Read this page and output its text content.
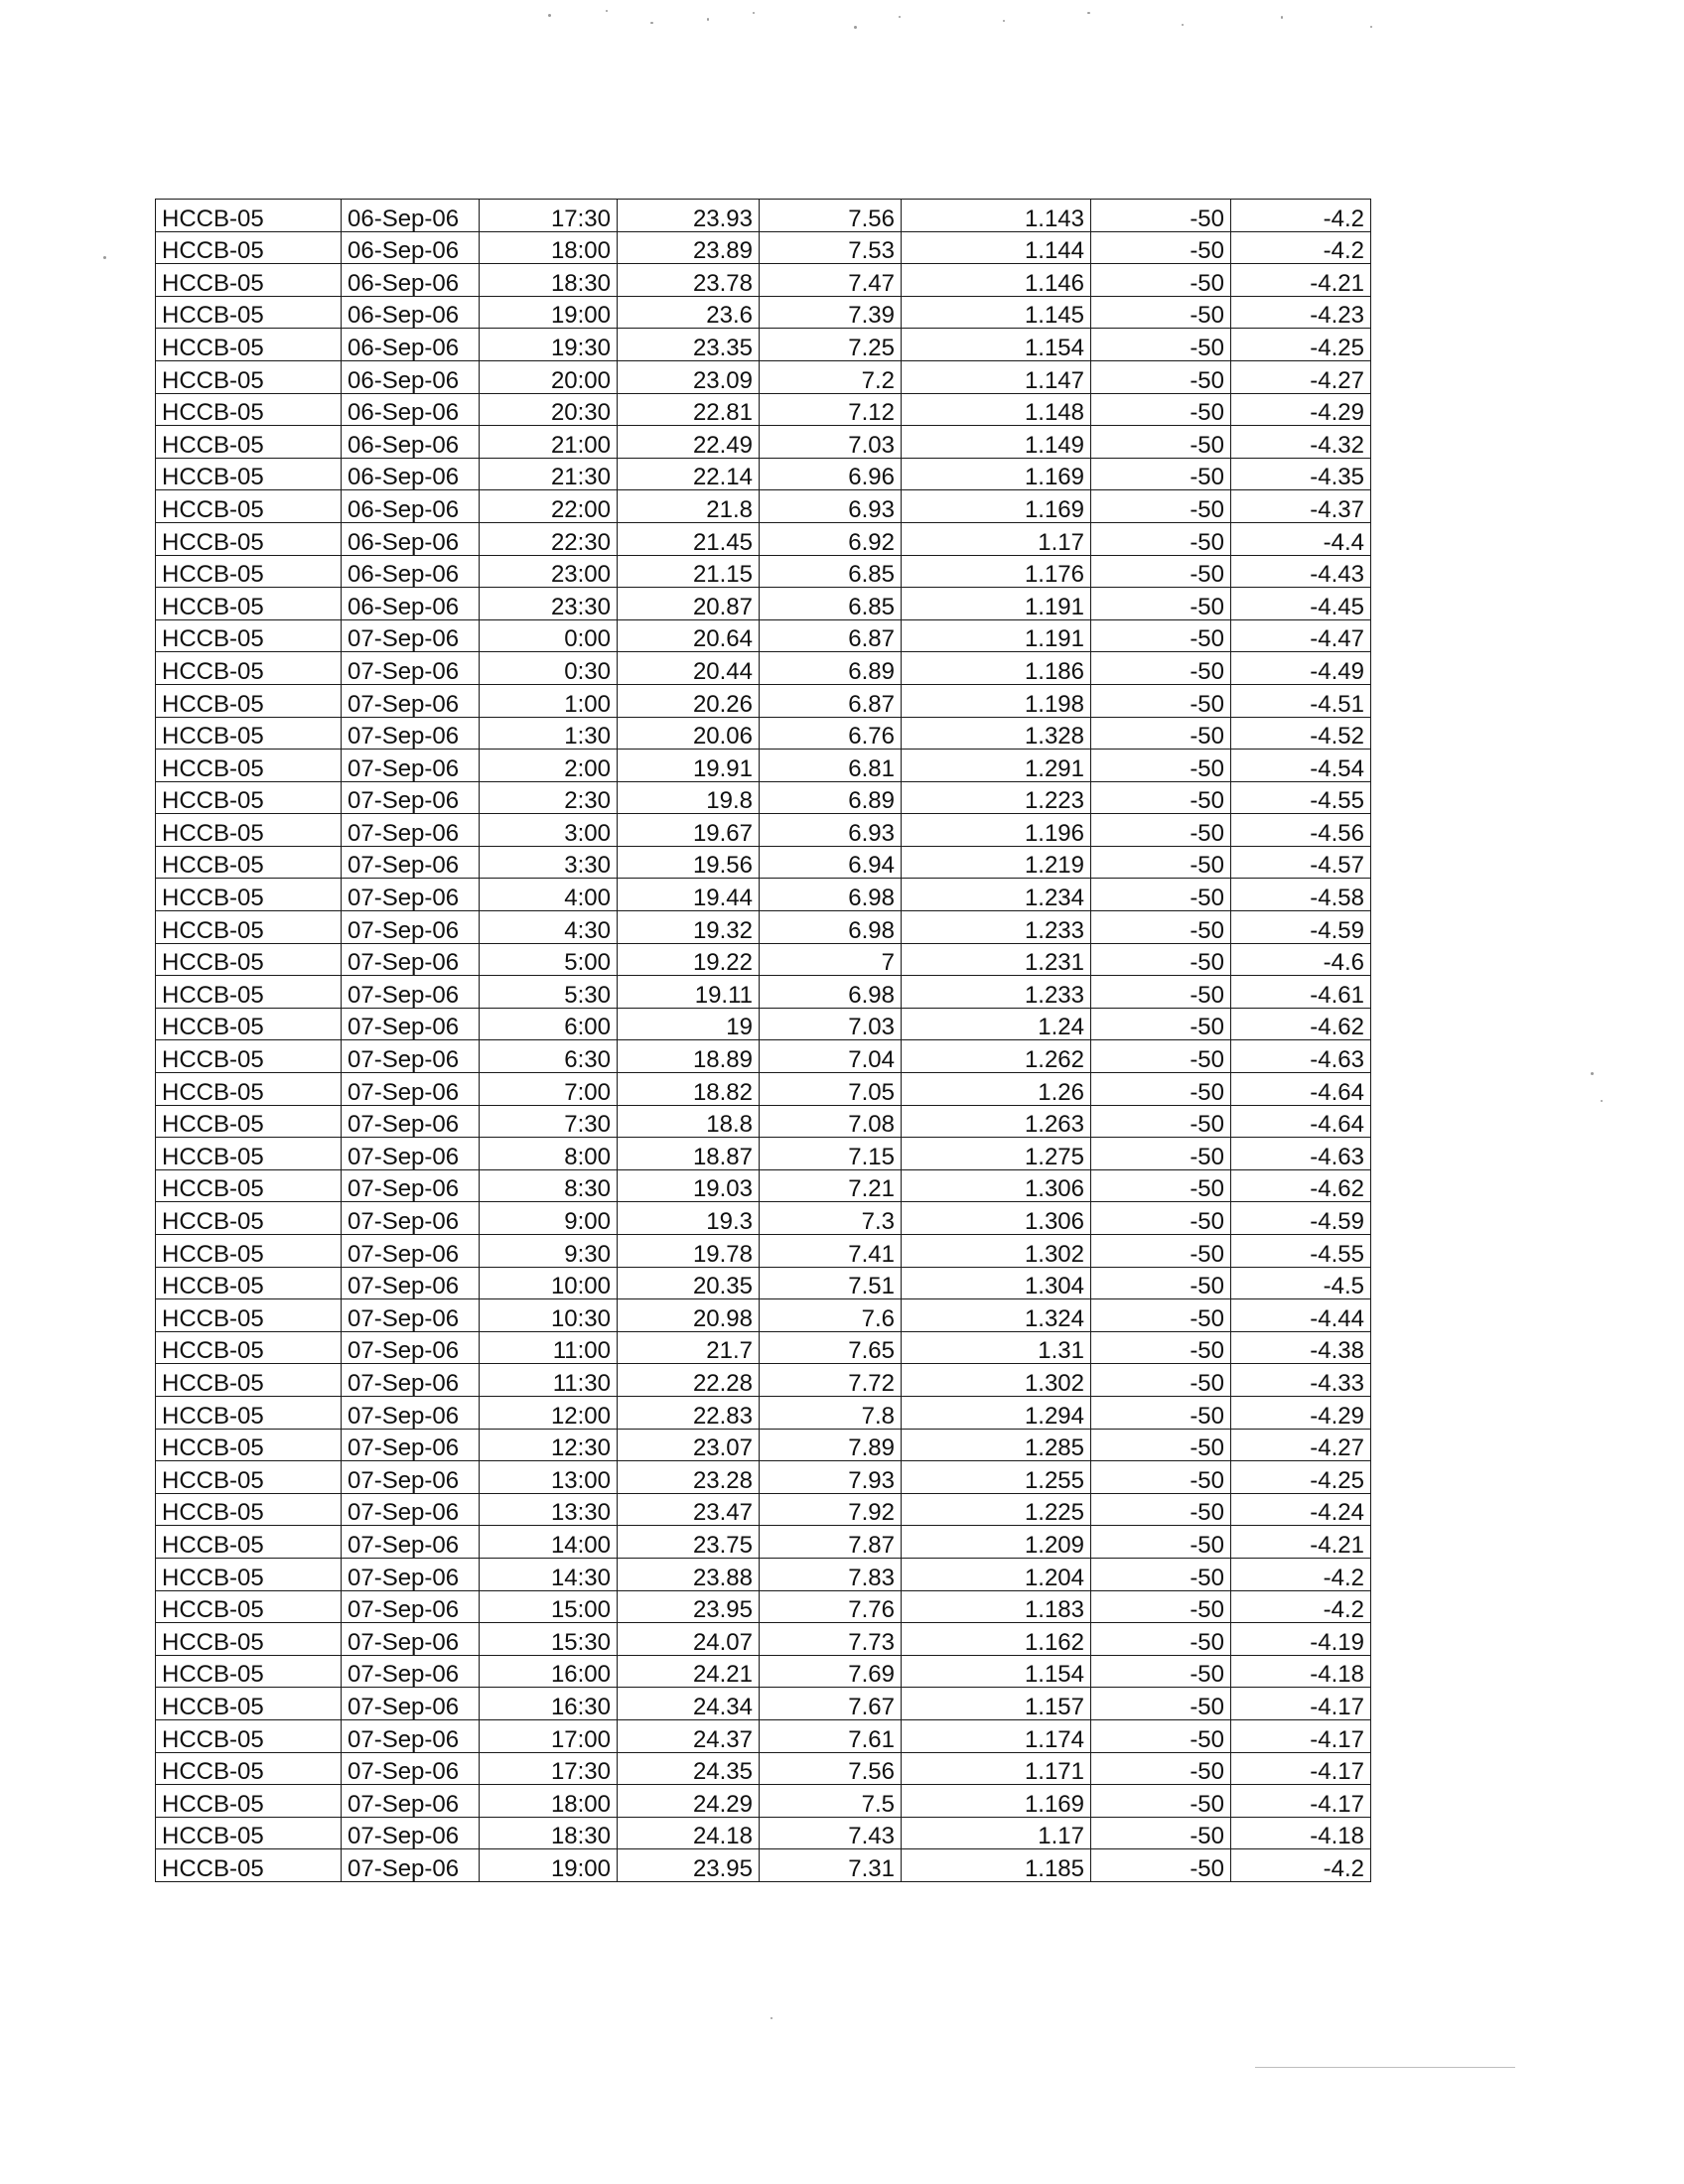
HCCB-05	06-Sep-06	17:30	23.93	7.56	1.143	-50	-4.2
HCCB-05	06-Sep-06	18:00	23.89	7.53	1.144	-50	-4.2
HCCB-05	06-Sep-06	18:30	23.78	7.47	1.146	-50	-4.21
HCCB-05	06-Sep-06	19:00	23.6	7.39	1.145	-50	-4.23
HCCB-05	06-Sep-06	19:30	23.35	7.25	1.154	-50	-4.25
HCCB-05	06-Sep-06	20:00	23.09	7.2	1.147	-50	-4.27
HCCB-05	06-Sep-06	20:30	22.81	7.12	1.148	-50	-4.29
HCCB-05	06-Sep-06	21:00	22.49	7.03	1.149	-50	-4.32
HCCB-05	06-Sep-06	21:30	22.14	6.96	1.169	-50	-4.35
HCCB-05	06-Sep-06	22:00	21.8	6.93	1.169	-50	-4.37
HCCB-05	06-Sep-06	22:30	21.45	6.92	1.17	-50	-4.4
HCCB-05	06-Sep-06	23:00	21.15	6.85	1.176	-50	-4.43
HCCB-05	06-Sep-06	23:30	20.87	6.85	1.191	-50	-4.45
HCCB-05	07-Sep-06	0:00	20.64	6.87	1.191	-50	-4.47
HCCB-05	07-Sep-06	0:30	20.44	6.89	1.186	-50	-4.49
HCCB-05	07-Sep-06	1:00	20.26	6.87	1.198	-50	-4.51
HCCB-05	07-Sep-06	1:30	20.06	6.76	1.328	-50	-4.52
HCCB-05	07-Sep-06	2:00	19.91	6.81	1.291	-50	-4.54
HCCB-05	07-Sep-06	2:30	19.8	6.89	1.223	-50	-4.55
HCCB-05	07-Sep-06	3:00	19.67	6.93	1.196	-50	-4.56
HCCB-05	07-Sep-06	3:30	19.56	6.94	1.219	-50	-4.57
HCCB-05	07-Sep-06	4:00	19.44	6.98	1.234	-50	-4.58
HCCB-05	07-Sep-06	4:30	19.32	6.98	1.233	-50	-4.59
HCCB-05	07-Sep-06	5:00	19.22	7	1.231	-50	-4.6
HCCB-05	07-Sep-06	5:30	19.11	6.98	1.233	-50	-4.61
HCCB-05	07-Sep-06	6:00	19	7.03	1.24	-50	-4.62
HCCB-05	07-Sep-06	6:30	18.89	7.04	1.262	-50	-4.63
HCCB-05	07-Sep-06	7:00	18.82	7.05	1.26	-50	-4.64
HCCB-05	07-Sep-06	7:30	18.8	7.08	1.263	-50	-4.64
HCCB-05	07-Sep-06	8:00	18.87	7.15	1.275	-50	-4.63
HCCB-05	07-Sep-06	8:30	19.03	7.21	1.306	-50	-4.62
HCCB-05	07-Sep-06	9:00	19.3	7.3	1.306	-50	-4.59
HCCB-05	07-Sep-06	9:30	19.78	7.41	1.302	-50	-4.55
HCCB-05	07-Sep-06	10:00	20.35	7.51	1.304	-50	-4.5
HCCB-05	07-Sep-06	10:30	20.98	7.6	1.324	-50	-4.44
HCCB-05	07-Sep-06	11:00	21.7	7.65	1.31	-50	-4.38
HCCB-05	07-Sep-06	11:30	22.28	7.72	1.302	-50	-4.33
HCCB-05	07-Sep-06	12:00	22.83	7.8	1.294	-50	-4.29
HCCB-05	07-Sep-06	12:30	23.07	7.89	1.285	-50	-4.27
HCCB-05	07-Sep-06	13:00	23.28	7.93	1.255	-50	-4.25
HCCB-05	07-Sep-06	13:30	23.47	7.92	1.225	-50	-4.24
HCCB-05	07-Sep-06	14:00	23.75	7.87	1.209	-50	-4.21
HCCB-05	07-Sep-06	14:30	23.88	7.83	1.204	-50	-4.2
HCCB-05	07-Sep-06	15:00	23.95	7.76	1.183	-50	-4.2
HCCB-05	07-Sep-06	15:30	24.07	7.73	1.162	-50	-4.19
HCCB-05	07-Sep-06	16:00	24.21	7.69	1.154	-50	-4.18
HCCB-05	07-Sep-06	16:30	24.34	7.67	1.157	-50	-4.17
HCCB-05	07-Sep-06	17:00	24.37	7.61	1.174	-50	-4.17
HCCB-05	07-Sep-06	17:30	24.35	7.56	1.171	-50	-4.17
HCCB-05	07-Sep-06	18:00	24.29	7.5	1.169	-50	-4.17
HCCB-05	07-Sep-06	18:30	24.18	7.43	1.17	-50	-4.18
HCCB-05	07-Sep-06	19:00	23.95	7.31	1.185	-50	-4.2
